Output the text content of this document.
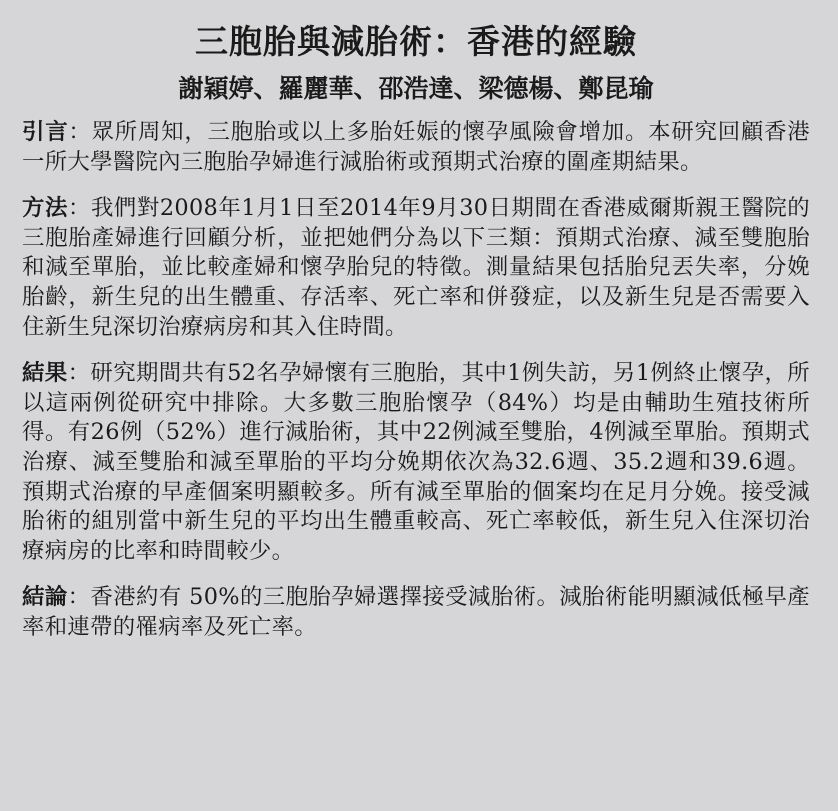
三胞胎與減胎術：香港的經驗
謝穎婷、羅麗華、邵浩達、梁德楊、鄭昆瑜

引言：眾所周知，三胞胎或以上多胎妊娠的懷孕風險會增加。本研究回顧香港一所大學醫院內三胞胎孕婦進行減胎術或預期式治療的圍產期結果。

方法：我們對2008年1月1日至2014年9月30日期間在香港威爾斯親王醫院的三胞胎產婦進行回顧分析，並把她們分為以下三類：預期式治療、減至雙胞胎和減至單胎，並比較產婦和懷孕胎兒的特徵。測量結果包括胎兒丟失率，分娩胎齡，新生兒的出生體重、存活率、死亡率和併發症，以及新生兒是否需要入住新生兒深切治療病房和其入住時間。

結果：研究期間共有52名孕婦懷有三胞胎，其中1例失訪，另1例終止懷孕，所以這兩例從研究中排除。大多數三胞胎懷孕（84%）均是由輔助生殖技術所得。有26例（52%）進行減胎術，其中22例減至雙胎，4例減至單胎。預期式治療、減至雙胎和減至單胎的平均分娩期依次為32.6週、35.2週和39.6週。預期式治療的早產個案明顯較多。所有減至單胎的個案均在足月分娩。接受減胎術的組別當中新生兒的平均出生體重較高、死亡率較低，新生兒入住深切治療病房的比率和時間較少。

結論：香港約有 50%的三胞胎孕婦選擇接受減胎術。減胎術能明顯減低極早產率和連帶的罹病率及死亡率。
